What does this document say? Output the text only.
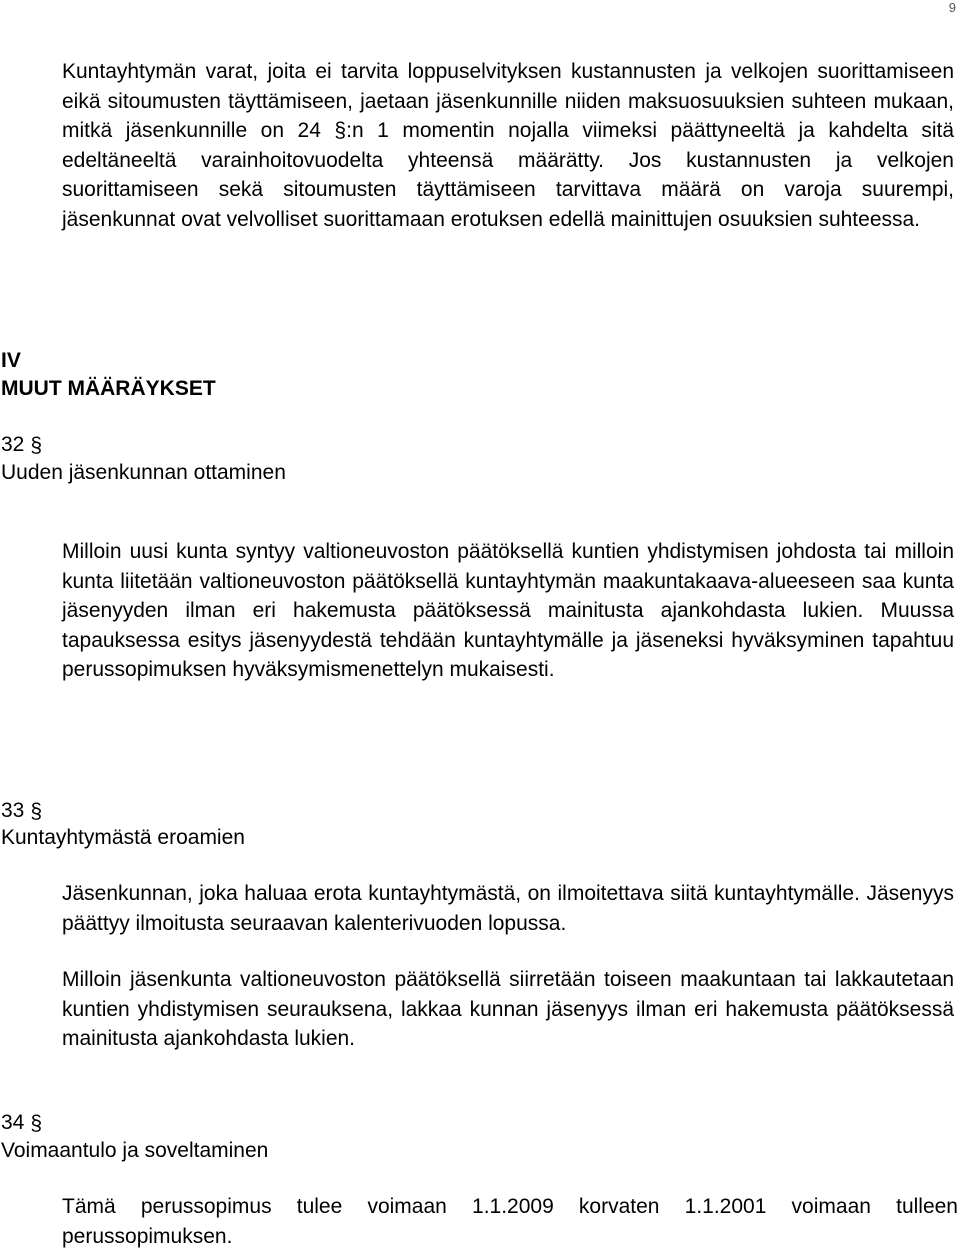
9

Kuntayhtymän varat, joita ei tarvita loppuselvityksen kustannusten ja velkojen suorittamiseen eikä sitoumusten täyttämiseen, jaetaan jäsenkunnille niiden maksuosuuksien suhteen mukaan, mitkä jäsenkunnille on 24 §:n 1 momentin nojalla viimeksi päättyneeltä ja kahdelta sitä edeltäneeltä varainhoitovuodelta yhteensä määrätty. Jos kustannusten ja velkojen suorittamiseen sekä sitoumusten täyttämiseen tarvittava määrä on varoja suurempi, jäsenkunnat ovat velvolliset suorittamaan erotuksen edellä mainittujen osuuksien suhteessa.

IV
MUUT MÄÄRÄYKSET
32 §
Uuden jäsenkunnan ottaminen

Milloin uusi kunta syntyy valtioneuvoston päätöksellä kuntien yhdistymisen johdosta tai milloin kunta liitetään valtioneuvoston päätöksellä kuntayhtymän maakuntakaava-alueeseen saa kunta jäsenyyden ilman eri hakemusta päätöksessä mainitusta ajankohdasta lukien. Muussa tapauksessa esitys jäsenyydestä tehdään kuntayhtymälle ja jäseneksi hyväksyminen tapahtuu perussopimuksen hyväksymismenettelyn mukaisesti.

33 §
Kuntayhtymästä eroamien

Jäsenkunnan, joka haluaa erota kuntayhtymästä, on ilmoitettava siitä kuntayhtymälle. Jäsenyys päättyy ilmoitusta seuraavan kalenterivuoden lopussa.

Milloin jäsenkunta valtioneuvoston päätöksellä siirretään toiseen maakuntaan tai lakkautetaan kuntien yhdistymisen seurauksena, lakkaa kunnan jäsenyys ilman eri hakemusta päätöksessä mainitusta ajankohdasta lukien.

34 §
Voimaantulo ja soveltaminen

Tämä perussopimus tulee voimaan 1.1.2009 korvaten 1.1.2001 voimaan tulleen perussopimuksen.
